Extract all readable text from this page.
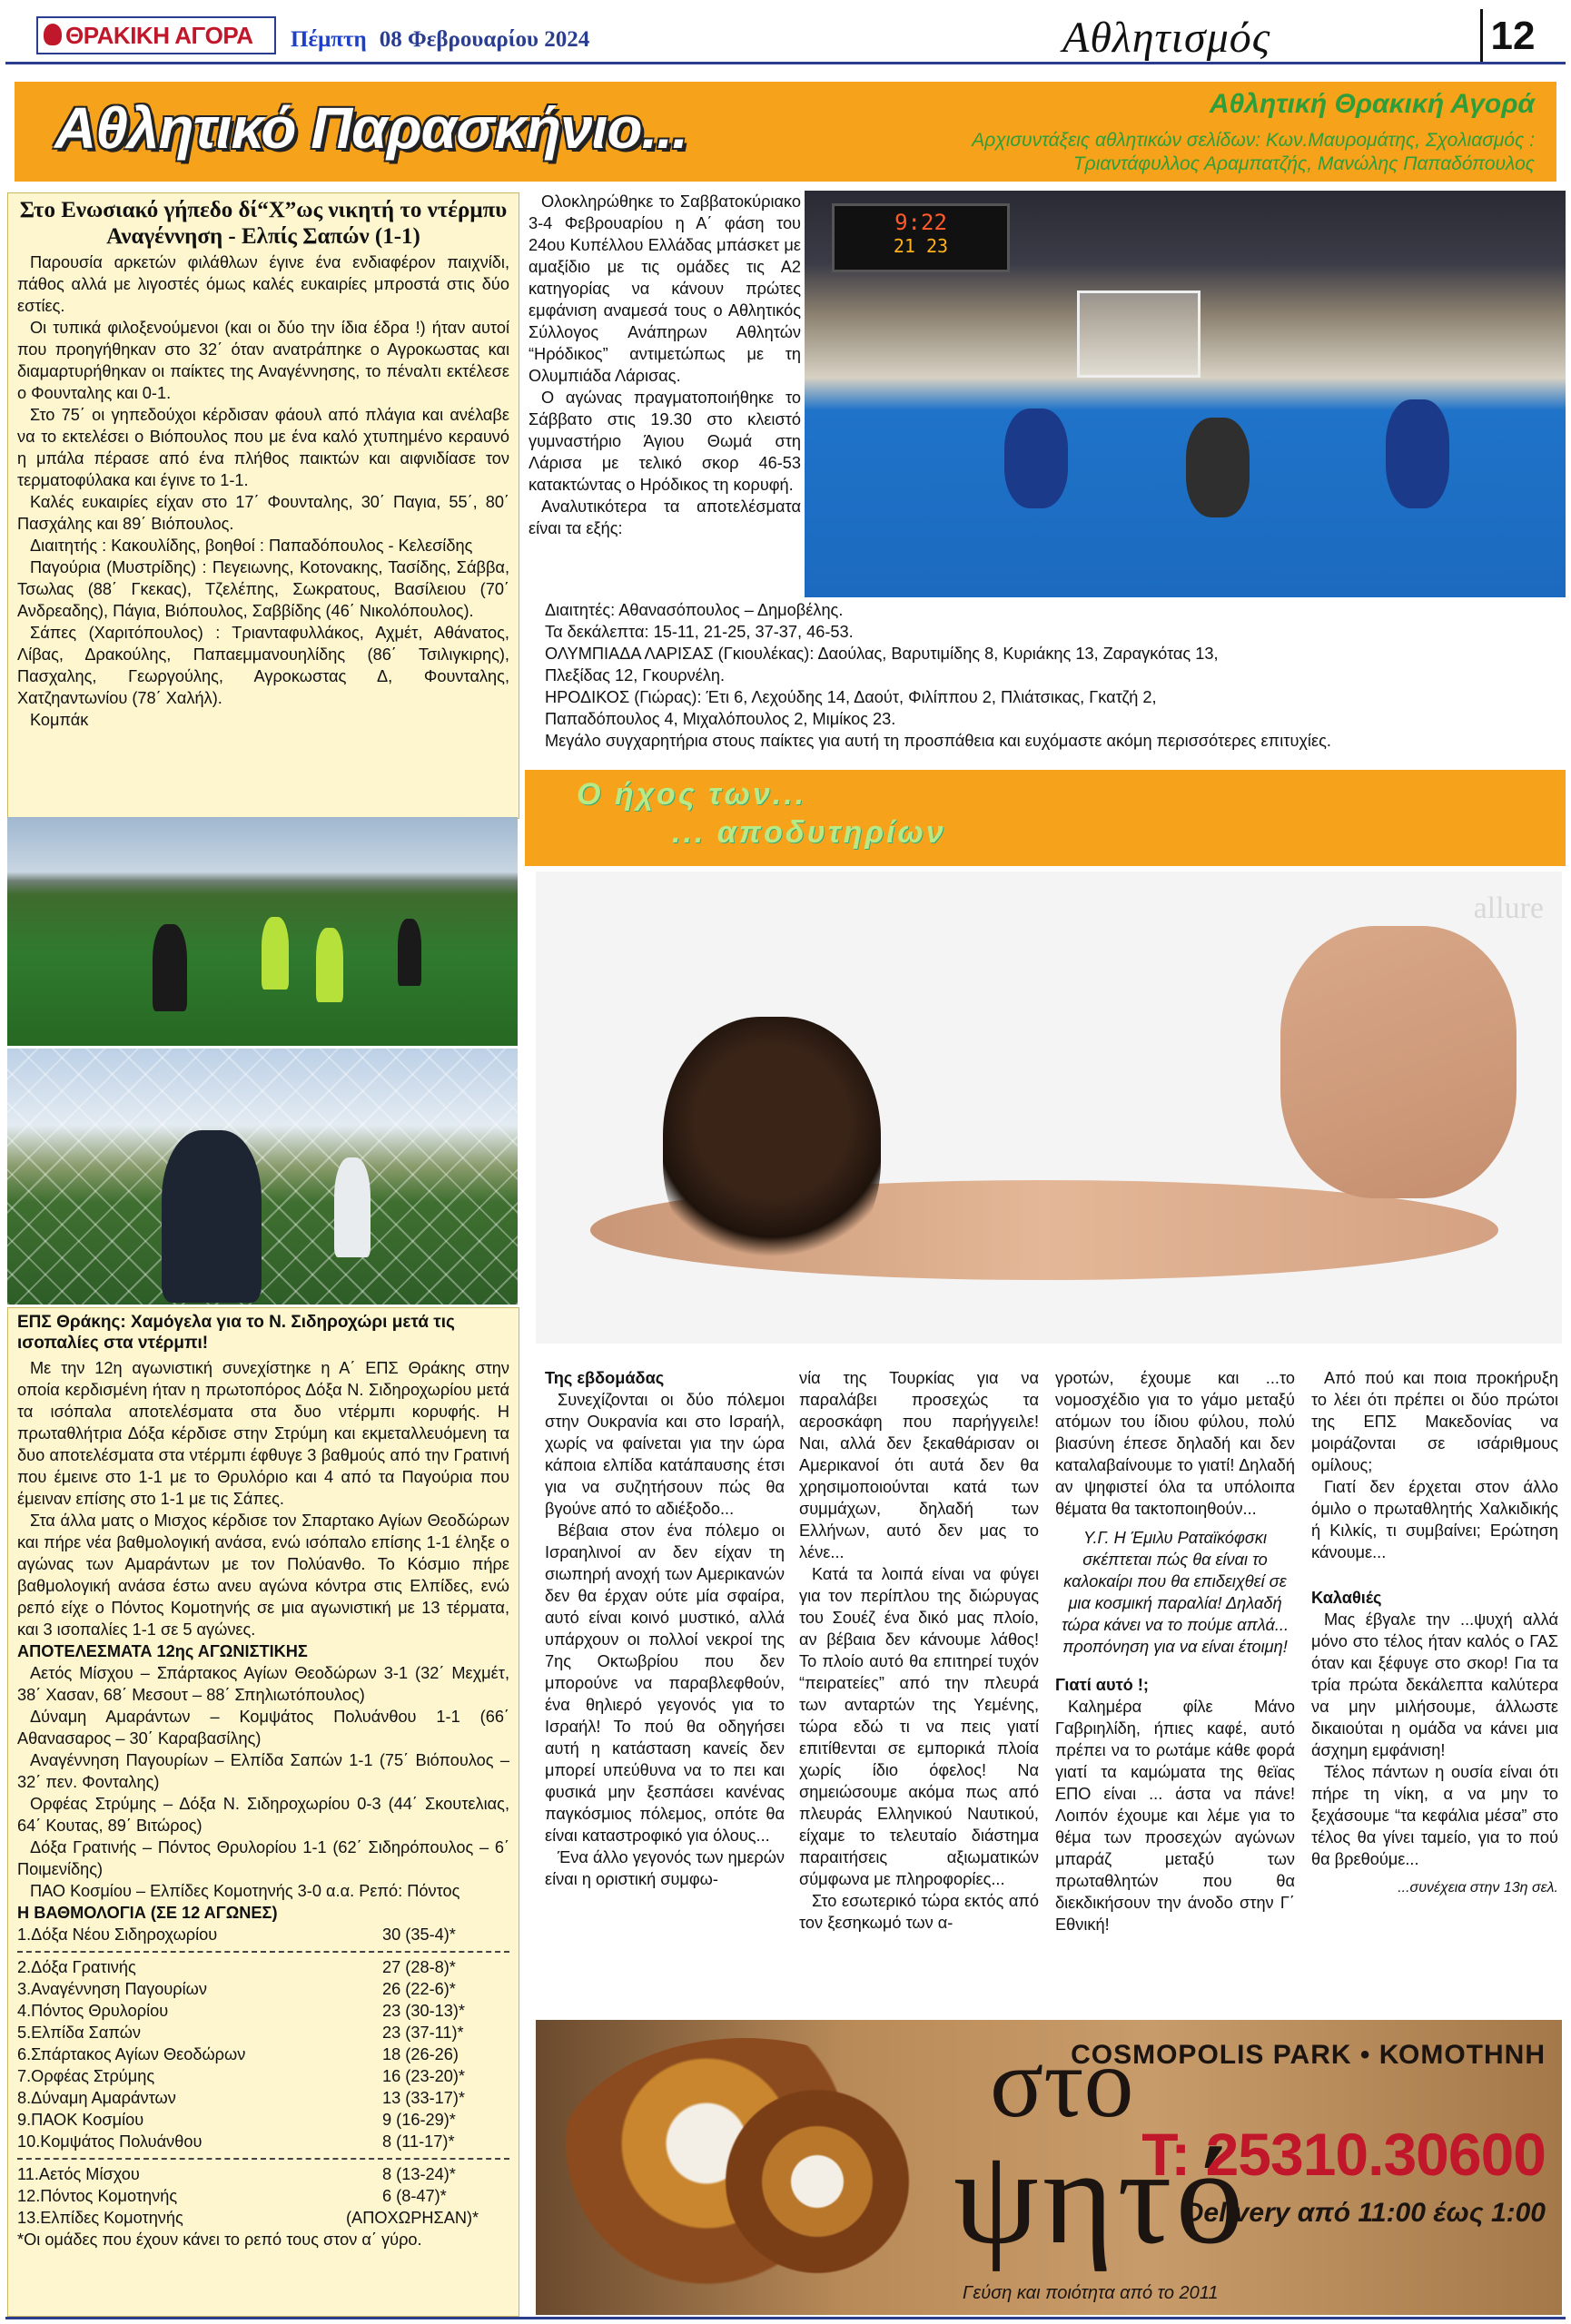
ΘΡΑΚΙΚΗ ΑΓΟΡΑ Πέμπτη 08 Φεβρουαρίου 2024	Αθλητισμός	12
Αθλητικό Παρασκήνιο...	Αθλητική Θρακική Αγορά
Αρχισυντάξεις αθλητικών σελίδων: Κων.Μαυρομάτης, Σχολιασμός :
Τριαντάφυλλος Αραμπατζής, Μανώλης Παπαδόπουλος
Στο Ενωσιακό γήπεδο δί“Χ”ως νικητή το ντέρμπυ Αναγέννηση - Ελπίς Σαπών (1-1)

Παρουσία αρκετών φιλάθλων έγινε ένα ενδιαφέρον παιχνίδι, πάθος αλλά με λιγοστές όμως καλές ευκαιρίες μπροστά στις δύο εστίες.

Οι τυπικά φιλοξενούμενοι (και οι δύο την ίδια έδρα !) ήταν αυτοί που προηγήθηκαν στο 32΄ όταν ανατράπηκε ο Αγροκωστας και διαμαρτυρήθηκαν οι παίκτες της Αναγέννησης, το πέναλτι εκτέλεσε ο Φουνταλης και 0-1.

Στο 75΄ οι γηπεδούχοι κέρδισαν φάουλ από πλάγια και ανέλαβε να το εκτελέσει ο Βιόπουλος που με ένα καλό χτυπημένο κεραυνό η μπάλα πέρασε από ένα πλήθος παικτών και αιφνιδίασε τον τερματοφύλακα και έγινε το 1-1.

Καλές ευκαιρίες είχαν στο 17΄ Φουνταλης, 30΄ Παγια, 55΄, 80΄ Πασχάλης και 89΄ Βιόπουλος.

Διαιτητής : Κακουλίδης, βοηθοί : Παπαδόπουλος - Κελεσίδης

Παγούρια (Μυστρίδης) : Πεγειωνης, Κοτονακης, Τασίδης, Σάββα, Τσωλας (88΄ Γκεκας), Τζελέπης, Σωκρατους, Βασίλειου (70΄ Ανδρεαδης), Πάγια, Βιόπουλος, Σαββίδης (46΄ Νικολόπουλος).

Σάπες (Χαριτόπουλος) : Τριανταφυλλάκος, Αχμέτ, Αθάνατος, Λίβας, Δρακούλης, Παπαεμμανουηλίδης (86΄ Τσιλιγκιρης), Πασχαλης, Γεωργούλης, Αγροκωστας Δ, Φουνταλης, Χατζηαντωνίου (78΄ Χαλήλ).

Κομπάκ

ΕΠΣ Θράκης: Χαμόγελα για το Ν. Σιδηροχώρι μετά τις ισοπαλίες στα ντέρμπι!

Με την 12η αγωνιστική συνεχίστηκε η Α΄ ΕΠΣ Θράκης στην οποία κερδισμένη ήταν η πρωτοπόρος Δόξα Ν. Σιδηροχωρίου μετά τα ισόπαλα αποτελέσματα στα δυο ντέρμπι κορυφής. Η πρωταθλήτρια Δόξα κέρδισε στην Στρύμη και εκμεταλλευόμενη τα δυο αποτελέσματα στα ντέρμπι έφθυγε 3 βαθμούς από την Γρατινή που έμεινε στο 1-1 με το Θρυλόριο και 4 από τα Παγούρια που έμειναν επίσης στο 1-1 με τις Σάπες.

Στα άλλα ματς ο Μισχος κέρδισε τον Σπαρτακο Αγίων Θεοδώρων και πήρε νέα βαθμολογική ανάσα, ενώ ισόπαλο επίσης 1-1 έληξε ο αγώνας των Αμαράντων με τον Πολύανθο. Το Κόσμιο πήρε βαθμολογική ανάσα έστω ανευ αγώνα κόντρα στις Ελπίδες, ενώ ρεπό είχε ο Πόντος Κομοτηνής σε μια αγωνιστική με 13 τέρματα, και 3 ισοπαλίες 1-1 σε 5 αγώνες.

ΑΠΟΤΕΛΕΣΜΑΤΑ 12ης ΑΓΩΝΙΣΤΙΚΗΣ

Αετός Μίσχου – Σπάρτακος Αγίων Θεοδώρων 3-1 (32΄ Μεχμέτ, 38΄ Χασαν, 68΄ Μεσουτ – 88΄ Σπηλιωτόπουλος)

Δύναμη Αμαράντων – Κομψάτος Πολυάνθου 1-1 (66΄ Αθανασαρος – 30΄ Καραβασίλης)

Αναγέννηση Παγουρίων – Ελπίδα Σαπών 1-1 (75΄ Βιόπουλος – 32΄ πεν. Φονταλης)

Ορφέας Στρύμης – Δόξα Ν. Σιδηροχωρίου 0-3 (44΄ Σκουτελιας, 64΄ Κουτας, 89΄ Βιτώρος)

Δόξα Γρατινής – Πόντος Θρυλορίου 1-1 (62΄ Σιδηρόπουλος – 6΄ Ποιμενίδης)

ΠΑΟ Κοσμίου – Ελπίδες Κομοτηνής 3-0 α.α. Ρεπό: Πόντος

Η ΒΑΘΜΟΛΟΓΙΑ (ΣΕ 12 ΑΓΩΝΕΣ)
1.Δόξα Νέου Σιδηροχωρίου	30 (35-4)*
2.Δόξα Γρατινής	27 (28-8)*
3.Αναγέννηση Παγουρίων	26 (22-6)*
4.Πόντος Θρυλορίου	23 (30-13)*
5.Ελπίδα Σαπών	23 (37-11)*
6.Σπάρτακος Αγίων Θεοδώρων	18 (26-26)
7.Ορφέας Στρύμης	16 (23-20)*
8.Δύναμη Αμαράντων	13 (33-17)*
9.ΠΑΟΚ Κοσμίου	9 (16-29)*
10.Κομψάτος Πολυάνθου	8 (11-17)*
11.Αετός Μίσχου	8 (13-24)*
12.Πόντος Κομοτηνής	6 (8-47)*
13.Ελπίδες Κομοτηνής	(ΑΠΟΧΩΡΗΣΑΝ)*
*Οι ομάδες που έχουν κάνει το ρεπό τους στον α΄ γύρο.

Ολοκληρώθηκε το Σαββατοκύριακο 3-4 Φεβρουαρίου η Α΄ φάση του 24ου Κυπέλλου Ελλάδας μπάσκετ με αμαξίδιο με τις ομάδες τις Α2 κατηγορίας να κάνουν πρώτες εμφάνιση αναμεσά τους ο Αθλητικός Σύλλογος Ανάπηρων Αθλητών “Ηρόδικος” αντιμετώπως με τη Ολυμπιάδα Λάρισας.

Ο αγώνας πραγματοποιήθηκε το Σάββατο στις 19.30 στο κλειστό γυμναστήριο Άγιου Θωμά στη Λάρισα με τελικό σκορ 46-53 κατακτώντας ο Ηρόδικος τη κορυφή.

Αναλυτικότερα τα αποτελέσματα είναι τα εξής:

9:22
21 23
Διαιτητές: Αθανασόπουλος – Δημοβέλης.
Τα δεκάλεπτα: 15-11, 21-25, 37-37, 46-53.
ΟΛΥΜΠΙΑΔΑ ΛΑΡΙΣΑΣ (Γκιουλέκας): Δαούλας, Βαρυτιμίδης 8, Κυριάκης 13, Ζαραγκότας 13,
Πλεξίδας 12, Γκουρνέλη.
ΗΡΟΔΙΚΟΣ (Γιώρας): Έτι 6, Λεχούδης 14, Δαούτ, Φιλίππου 2, Πλιάτσικας, Γκατζή 2,
Παπαδόπουλος 4, Μιχαλόπουλος 2, Μιμίκος 23.
Μεγάλο συγχαρητήρια στους παίκτες για αυτή τη προσπάθεια και ευχόμαστε ακόμη περισσότερες επιτυχίες.
Ο ήχος των...
... αποδυτηρίων
allure
Της εβδομάδας

Συνεχίζονται οι δύο πόλεμοι στην Ουκρανία και στο Ισραήλ, χωρίς να φαίνεται για την ώρα κάποια ελπίδα κατάπαυσης έτσι για να συζητήσουν πώς θα βγούνε από το αδιέξοδο...

Βέβαια στον ένα πόλεμο οι Ισραηλινοί αν δεν είχαν τη σιωπηρή ανοχή των Αμερικανών δεν θα έρχαν ούτε μία σφαίρα, αυτό είναι κοινό μυστικό, αλλά υπάρχουν οι πολλοί νεκροί της 7ης Οκτωβρίου που δεν μπορούνε να παραβλεφθούν, ένα θηλιερό γεγονός για το Ισραήλ! Το πού θα οδηγήσει αυτή η κατάσταση κανείς δεν μπορεί υπεύθυνα να το πει και φυσικά μην ξεσπάσει κανένας παγκόσμιος πόλεμος, οπότε θα είναι καταστροφικό για όλους...

Ένα άλλο γεγονός των ημερών είναι η οριστική συμφω-

νία της Τουρκίας για να παραλάβει προσεχώς τα αεροσκάφη που παρήγγειλε! Ναι, αλλά δεν ξεκαθάρισαν οι Αμερικανοί ότι αυτά δεν θα χρησιμοποιούνται κατά των συμμάχων, δηλαδή των Ελλήνων, αυτό δεν μας το λένε...

Κατά τα λοιπά είναι να φύγει για τον περίπλου της διώρυγας του Σουέζ ένα δικό μας πλοίο, αν βέβαια δεν κάνουμε λάθος! Το πλοίο αυτό θα επιτηρεί τυχόν “πειρατείες” από την πλευρά των ανταρτών της Υεμένης, τώρα εδώ τι να πεις γιατί επιτίθενται σε εμπορικά πλοία χωρίς ίδιο όφελος! Να σημειώσουμε ακόμα πως από πλευράς Ελληνικού Ναυτικού, είχαμε το τελευταίο διάστημα παραιτήσεις αξιωματικών σύμφωνα με πληροφορίες...

Στο εσωτερικό τώρα εκτός από τον ξεσηκωμό των α-

γροτών, έχουμε και ...το νομοσχέδιο για το γάμο μεταξύ ατόμων του ίδιου φύλου, πολύ βιασύνη έπεσε δηλαδή και δεν καταλαβαίνουμε το γιατί! Δηλαδή αν ψηφιστεί όλα τα υπόλοιπα θέματα θα τακτοποιηθούν...

Υ.Γ. Η Έμιλυ Ραταϊκόφσκι σκέπτεται πώς θα είναι το καλοκαίρι που θα επιδειχθεί σε μια κοσμική παραλία! Δηλαδή τώρα κάνει να το πούμε απλά... προπόνηση για να είναι έτοιμη!
Γιατί αυτό !;

Καλημέρα φίλε Μάνο Γαβριηλίδη, ήπιες καφέ, αυτό πρέπει να το ρωτάμε κάθε φορά γιατί τα καμώματα της θεϊας ΕΠΟ είναι ... άστα να πάνε! Λοιπόν έχουμε και λέμε για το θέμα των προσεχών αγώνων μπαράζ μεταξύ των πρωταθλητών που θα διεκδικήσουν την άνοδο στην Γ΄ Εθνική!

Από πού και ποια προκήρυξη το λέει ότι πρέπει οι δύο πρώτοι της ΕΠΣ Μακεδονίας να μοιράζονται σε ισάριθμους ομίλους;

Γιατί δεν έρχεται στον άλλο όμιλο ο πρωταθλητής Χαλκιδικής ή Κιλκίς, τι συμβαίνει; Ερώτηση κάνουμε...

Καλαθιές

Μας έβγαλε την ...ψυχή αλλά μόνο στο τέλος ήταν καλός ο ΓΑΣ όταν και ξέφυγε στο σκορ! Για τα τρία πρώτα δεκάλεπτα καλύτερα να μην μιλήσουμε, άλλωστε δικαιούται η ομάδα να κάνει μια άσχημη εμφάνιση!

Τέλος πάντων η ουσία είναι ότι πήρε τη νίκη, α να μην το ξεχάσουμε “τα κεφάλια μέσα” στο τέλος θα γίνει ταμείο, για το πού θα βρεθούμε...

...συνέχεια στην 13η σελ.
στο
ψητό
COSMOPOLIS PARK • ΚΟΜΟΤΗΝΗ
T: 25310.30600
Delivery από 11:00 έως 1:00
Γεύση και ποιότητα από το 2011
